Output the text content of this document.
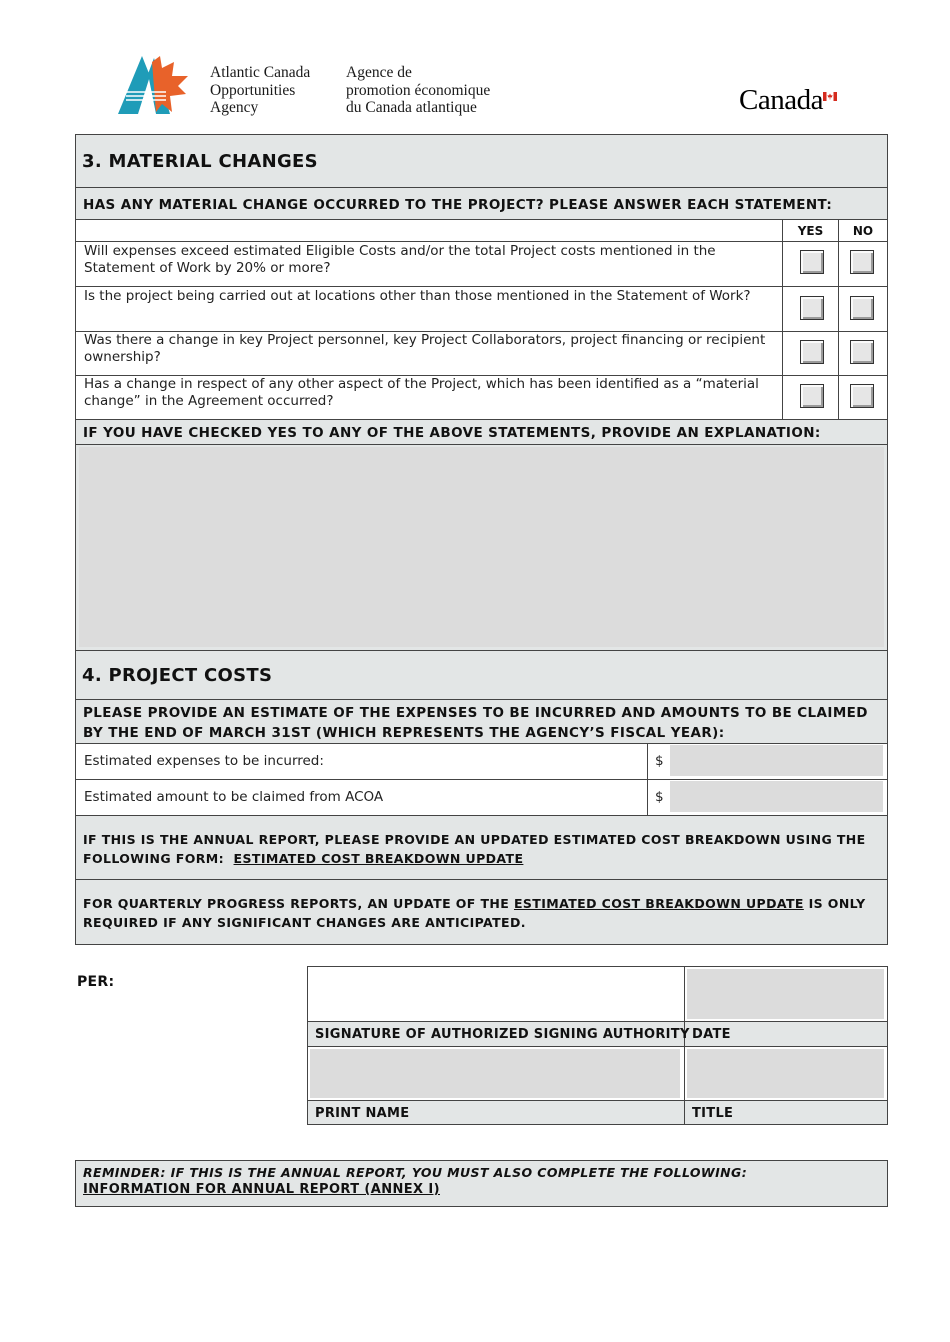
Atlantic Canada
Opportunities
Agency
Agence de
promotion économique
du Canada atlantique	Canada
3. MATERIAL CHANGES
HAS ANY MATERIAL CHANGE OCCURRED TO THE PROJECT? PLEASE ANSWER EACH STATEMENT:
YES	NO
Will expenses exceed estimated Eligible Costs and/or the total Project costs mentioned in the Statement of Work by 20% or more?
Is the project being carried out at locations other than those mentioned in the Statement of Work?
Was there a change in key Project personnel, key Project Collaborators, project financing or recipient ownership?
Has a change in respect of any other aspect of the Project, which has been identified as a “material change” in the Agreement occurred?
IF YOU HAVE CHECKED YES TO ANY OF THE ABOVE STATEMENTS, PROVIDE AN EXPLANATION:
4. PROJECT COSTS
PLEASE PROVIDE AN ESTIMATE OF THE EXPENSES TO BE INCURRED AND AMOUNTS TO BE CLAIMED BY THE END OF MARCH 31ST (WHICH REPRESENTS THE AGENCY’S FISCAL YEAR):
Estimated expenses to be incurred:	$
Estimated amount to be claimed from ACOA	$
IF THIS IS THE ANNUAL REPORT, PLEASE PROVIDE AN UPDATED ESTIMATED COST BREAKDOWN USING THE FOLLOWING FORM: ESTIMATED COST BREAKDOWN UPDATE
FOR QUARTERLY PROGRESS REPORTS, AN UPDATE OF THE ESTIMATED COST BREAKDOWN UPDATE IS ONLY REQUIRED IF ANY SIGNIFICANT CHANGES ARE ANTICIPATED.
PER:
SIGNATURE OF AUTHORIZED SIGNING AUTHORITY DATE
PRINT NAME	TITLE
REMINDER: IF THIS IS THE ANNUAL REPORT, YOU MUST ALSO COMPLETE THE FOLLOWING:
INFORMATION FOR ANNUAL REPORT (ANNEX I)
